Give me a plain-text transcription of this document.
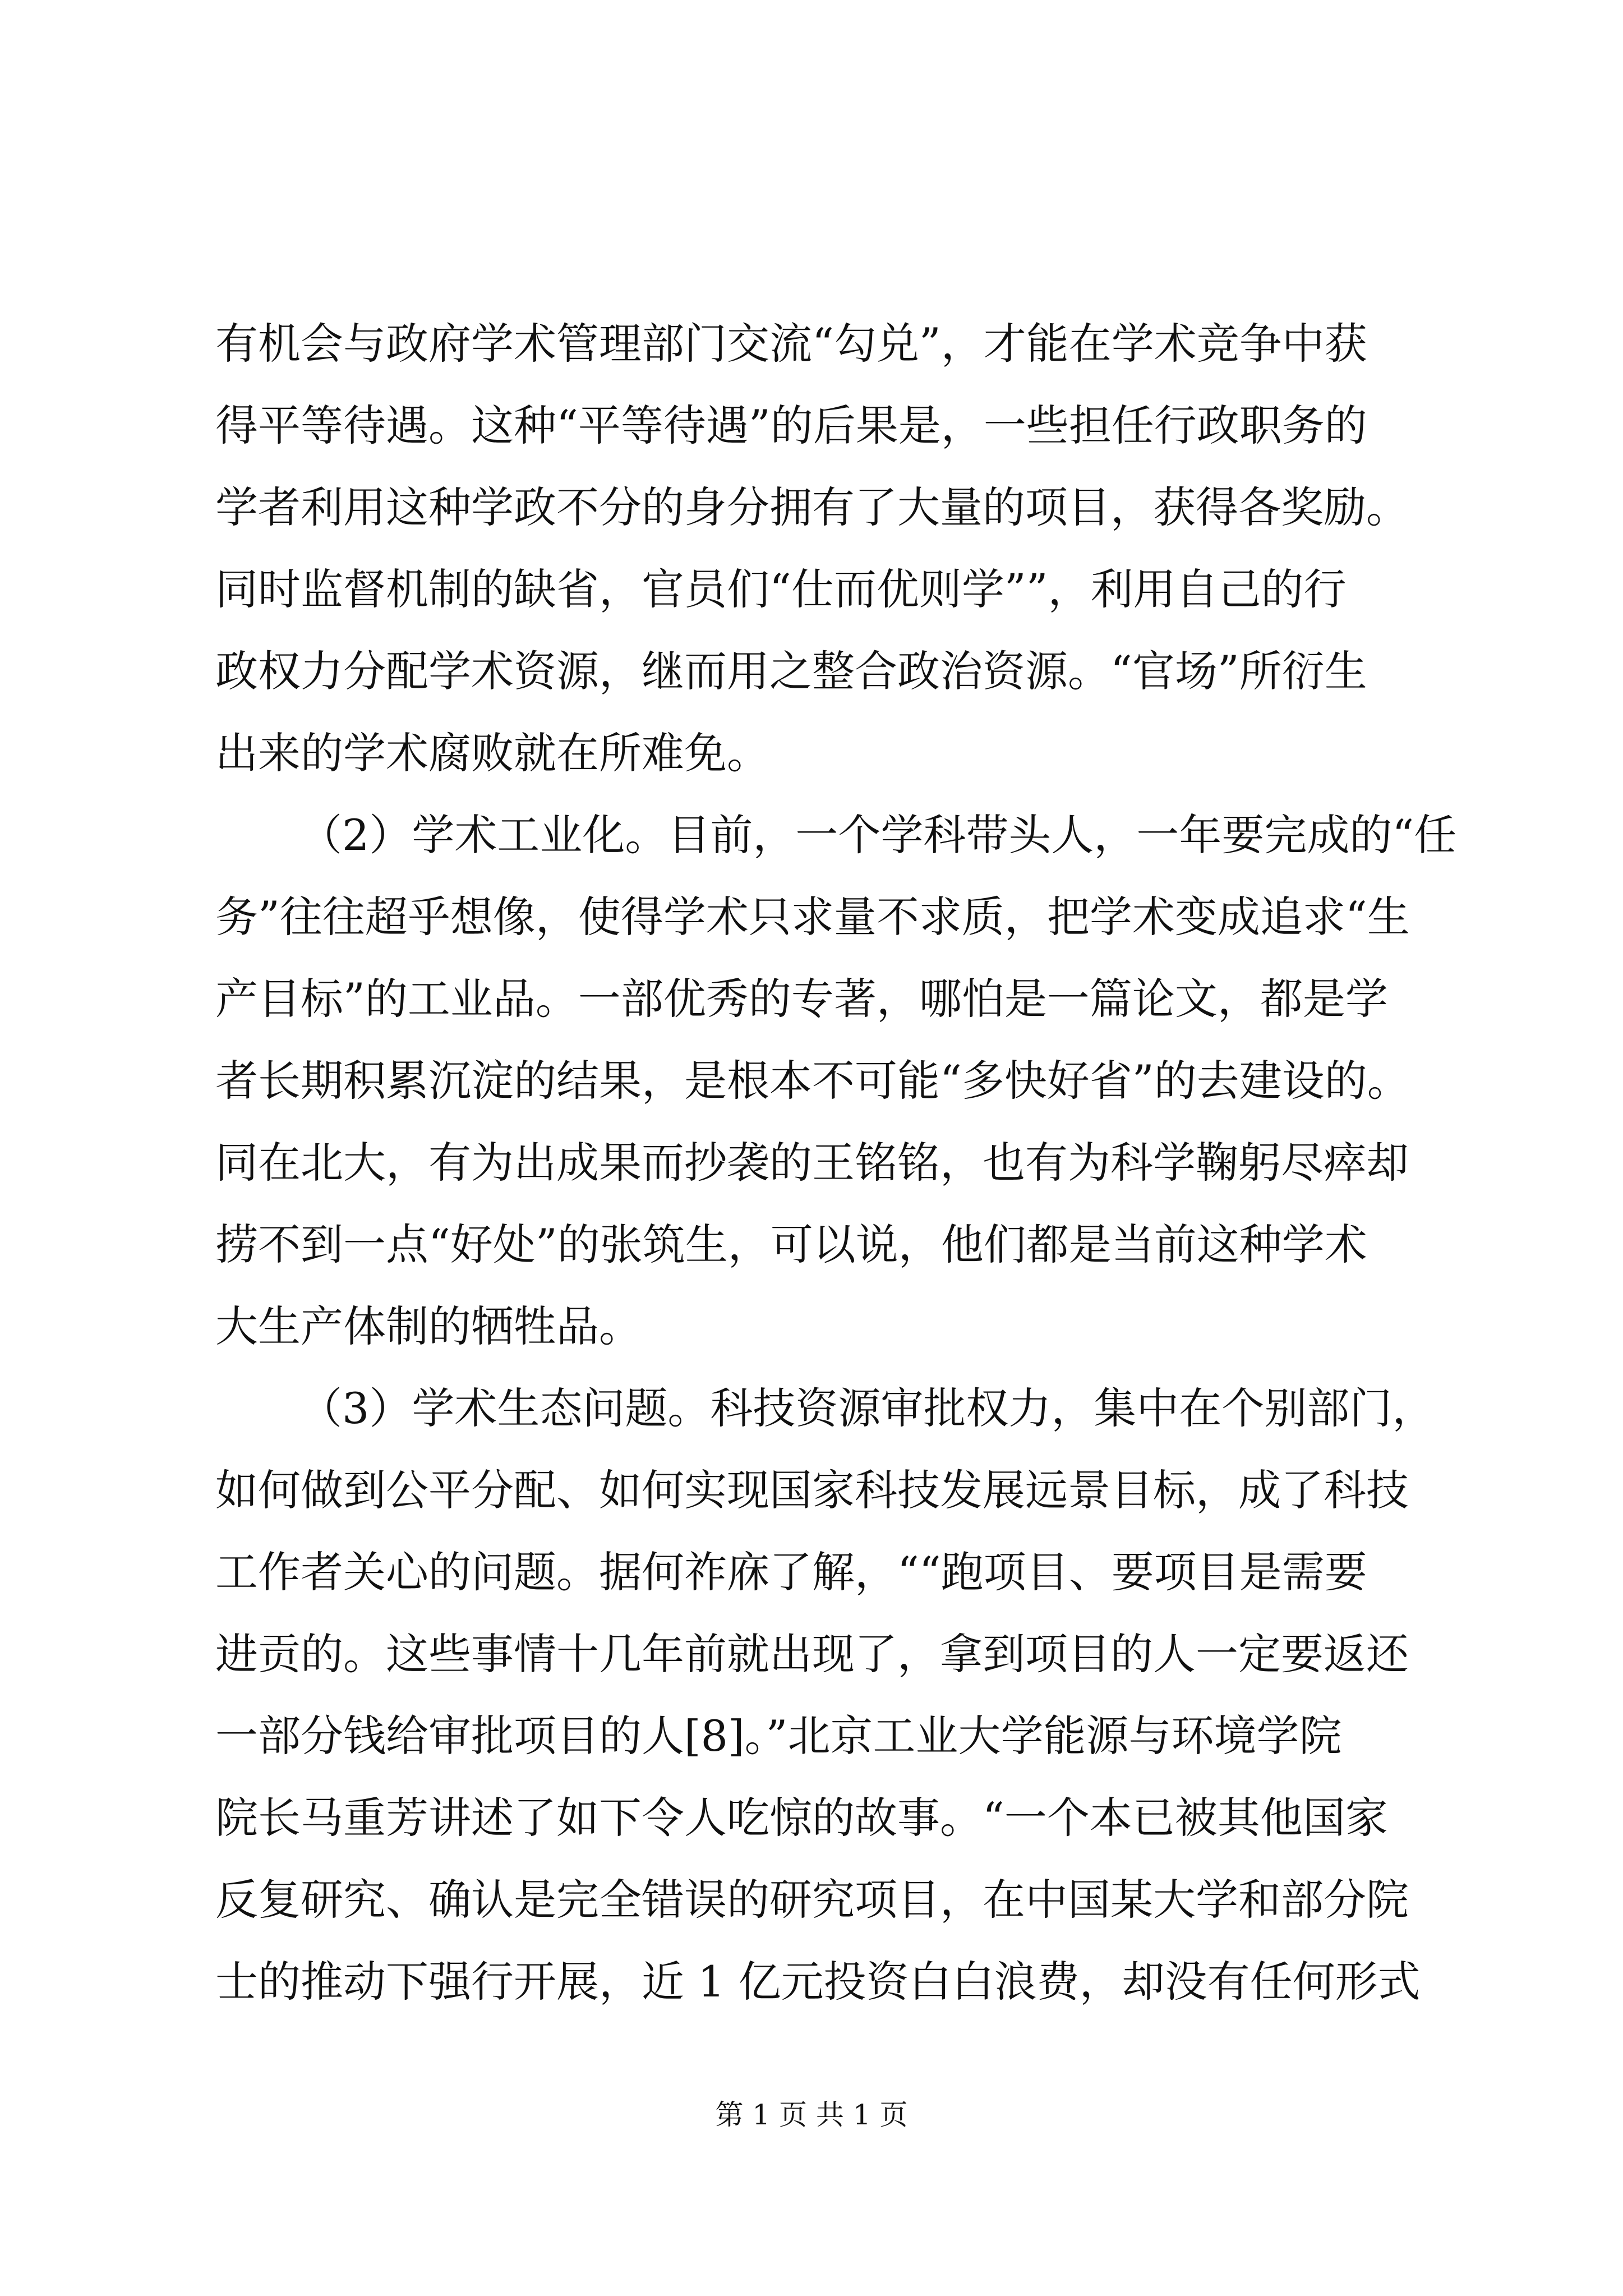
有机会与政府学术管理部门交流“勾兑”，才能在学术竞争中获
得平等待遇。这种“平等待遇”的后果是，一些担任行政职务的
学者利用这种学政不分的身分拥有了大量的项目，获得各奖励。
同时监督机制的缺省，官员们“仕而优则学””，利用自己的行
政权力分配学术资源，继而用之整合政治资源。“官场”所衍生
出来的学术腐败就在所难免。
（2）学术工业化。目前，一个学科带头人，一年要完成的“任
务”往往超乎想像，使得学术只求量不求质，把学术变成追求“生
产目标”的工业品。一部优秀的专著，哪怕是一篇论文，都是学
者长期积累沉淀的结果，是根本不可能“多快好省”的去建设的。
同在北大，有为出成果而抄袭的王铭铭，也有为科学鞠躬尽瘁却
捞不到一点“好处”的张筑生，可以说，他们都是当前这种学术
大生产体制的牺牲品。
（3）学术生态问题。科技资源审批权力，集中在个别部门，
如何做到公平分配、如何实现国家科技发展远景目标，成了科技
工作者关心的问题。据何祚庥了解，““跑项目、要项目是需要
进贡的。这些事情十几年前就出现了，拿到项目的人一定要返还
一部分钱给审批项目的人[8]。”北京工业大学能源与环境学院
院长马重芳讲述了如下令人吃惊的故事。“一个本已被其他国家
反复研究、确认是完全错误的研究项目，在中国某大学和部分院
士的推动下强行开展，近 1 亿元投资白白浪费，却没有任何形式
第 1 页 共 1 页
